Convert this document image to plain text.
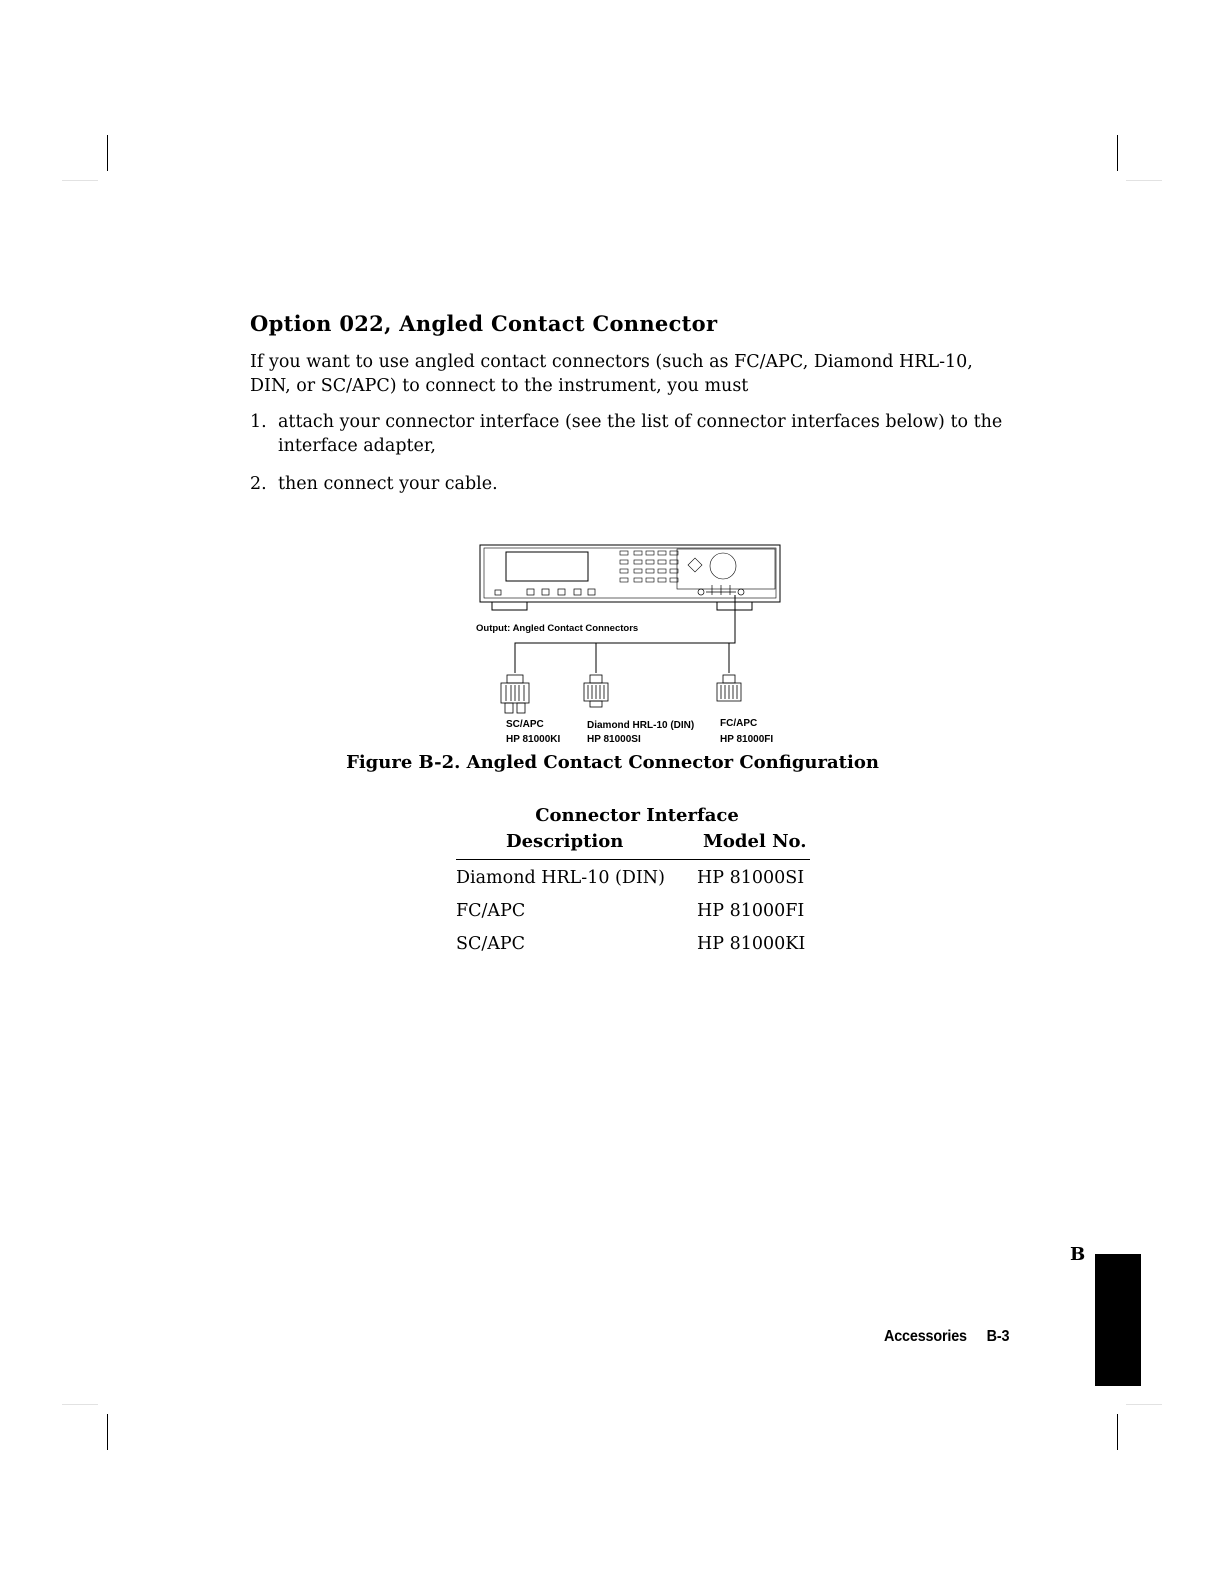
Option 022, Angled Contact Connector

If you want to use angled contact connectors (such as FC/APC, Diamond HRL-10, DIN, or SC/APC) to connect to the instrument, you must

1. attach your connector interface (see the list of connector interfaces below) to the interface adapter,
2. then connect your cable.
Output: Angled Contact Connectors
SC/APC
HP 81000KI
Diamond HRL-10 (DIN)
HP 81000SI
FC/APC
HP 81000FI

Figure B-2. Angled Contact Connector Configuration

Connector Interface

Description	Model No.
Diamond HRL-10 (DIN) HP 81000SI
FC/APC	HP 81000FI
SC/APC	HP 81000KI
B
Accessories B-3
